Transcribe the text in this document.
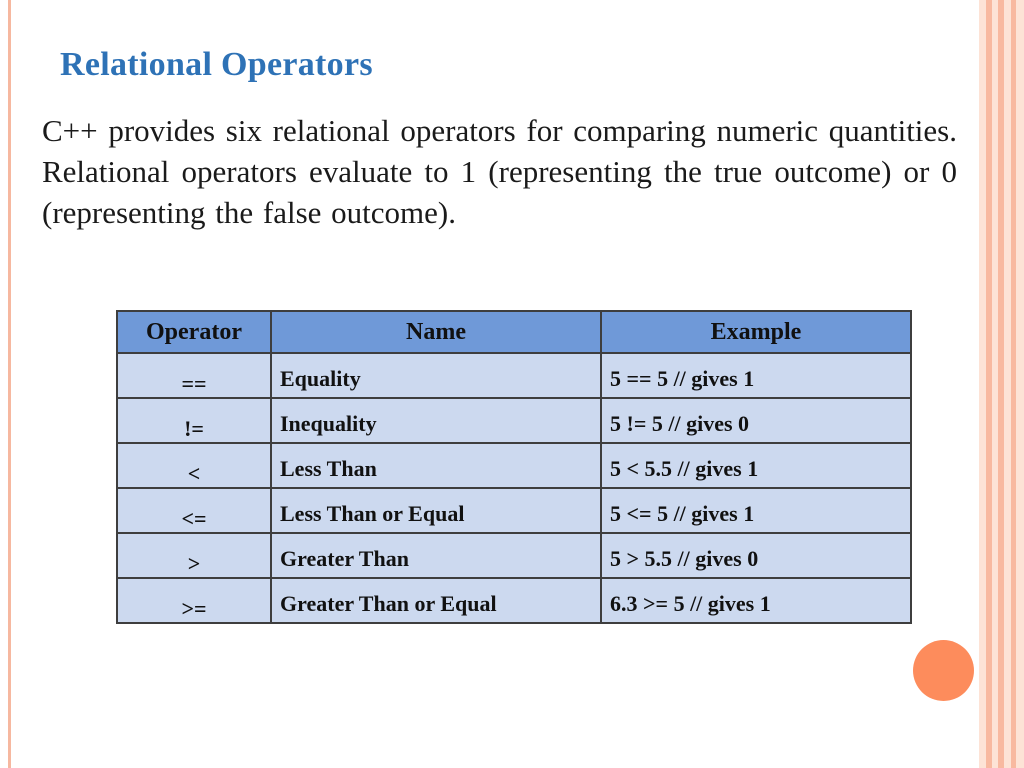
Relational Operators

C++ provides six relational operators for comparing numeric quantities. Relational operators evaluate to 1 (representing the true outcome) or 0 (representing the false outcome).

Operator	Name	Example
==	Equality	5 == 5 // gives 1
!=	Inequality	5 != 5 // gives 0
<	Less Than	5 < 5.5 // gives 1
<=	Less Than or Equal	5 <= 5 // gives 1
>	Greater Than	5 > 5.5 // gives 0
>=	Greater Than or Equal	6.3 >= 5 // gives 1
